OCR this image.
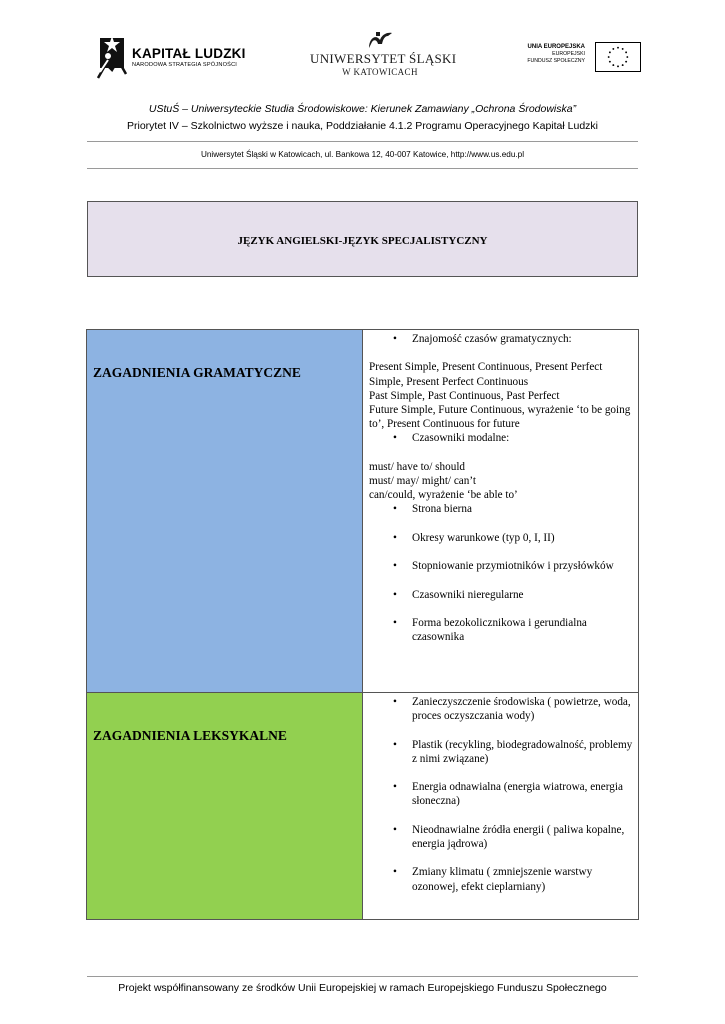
KAPITAŁ LUDZKI
NARODOWA STRATEGIA SPÓJNOŚCI	UNIWERSYTET ŚLĄSKI
W KATOWICACH
UNIA EUROPEJSKA
EUROPEJSKI
FUNDUSZ SPOŁECZNY
UStuŚ – Uniwersyteckie Studia Środowiskowe: Kierunek Zamawiany „Ochrona Środowiska”
Priorytet IV – Szkolnictwo wyższe i nauka, Poddziałanie 4.1.2 Programu Operacyjnego Kapitał Ludzki
Uniwersytet Śląski w Katowicach, ul. Bankowa 12, 40-007 Katowice, http://www.us.edu.pl
JĘZYK ANGIELSKI-JĘZYK SPECJALISTYCZNY
ZAGADNIENIA GRAMATYCZNE
• Znajomość czasów gramatycznych:
Present Simple, Present Continuous, Present Perfect Simple, Present Perfect Continuous
Past Simple, Past Continuous, Past Perfect
Future Simple, Future Continuous, wyrażenie ‘to be going to’, Present Continuous for future
• Czasowniki modalne:
must/ have to/ should
must/ may/ might/ can’t
can/could, wyrażenie ‘be able to’
• Strona bierna
• Okresy warunkowe (typ 0, I, II)
• Stopniowanie przymiotników i przysłówków
• Czasowniki nieregularne
• Forma bezokolicznikowa i gerundialna czasownika
ZAGADNIENIA LEKSYKALNE
• Zanieczyszczenie środowiska ( powietrze, woda, proces oczyszczania wody)
• Plastik (recykling, biodegradowalność, problemy z nimi związane)
• Energia odnawialna (energia wiatrowa, energia słoneczna)
• Nieodnawialne źródła energii ( paliwa kopalne, energia jądrowa)
• Zmiany klimatu ( zmniejszenie warstwy ozonowej, efekt cieplarniany)
Projekt współfinansowany ze środków Unii Europejskiej w ramach Europejskiego Funduszu Społecznego
